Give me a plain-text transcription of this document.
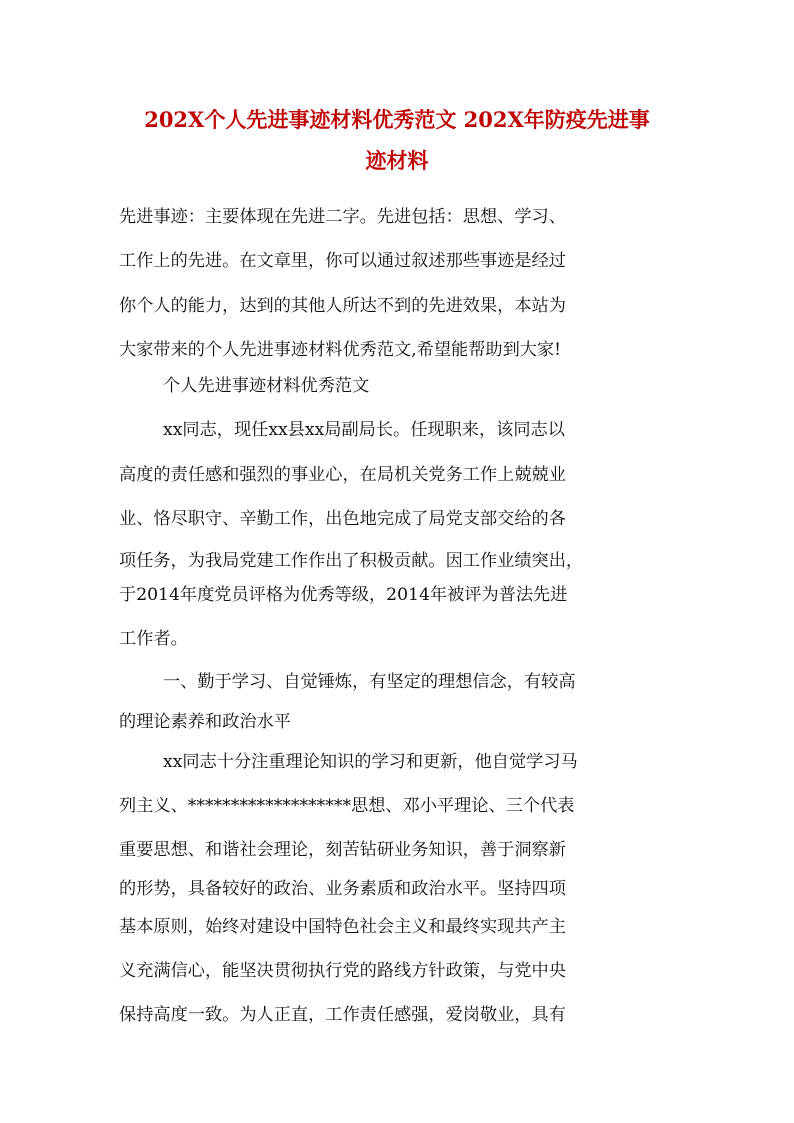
202X个人先进事迹材料优秀范文 202X年防疫先进事
迹材料
先进事迹：主要体现在先进二字。先进包括：思想、学习、
工作上的先进。在文章里，你可以通过叙述那些事迹是经过
你个人的能力，达到的其他人所达不到的先进效果，本站为
大家带来的个人先进事迹材料优秀范文,希望能帮助到大家!
个人先进事迹材料优秀范文
xx同志，现任xx县xx局副局长。任现职来，该同志以
高度的责任感和强烈的事业心，在局机关党务工作上兢兢业
业、恪尽职守、辛勤工作，出色地完成了局党支部交给的各
项任务，为我局党建工作作出了积极贡献。因工作业绩突出，
于2014年度党员评格为优秀等级，2014年被评为普法先进
工作者。
一、勤于学习、自觉锤炼，有坚定的理想信念，有较高
的理论素养和政治水平
xx同志十分注重理论知识的学习和更新，他自觉学习马
列主义、*******************思想、邓小平理论、三个代表
重要思想、和谐社会理论，刻苦钻研业务知识，善于洞察新
的形势，具备较好的政治、业务素质和政治水平。坚持四项
基本原则，始终对建设中国特色社会主义和最终实现共产主
义充满信心，能坚决贯彻执行党的路线方针政策，与党中央
保持高度一致。为人正直，工作责任感强，爱岗敬业，具有
